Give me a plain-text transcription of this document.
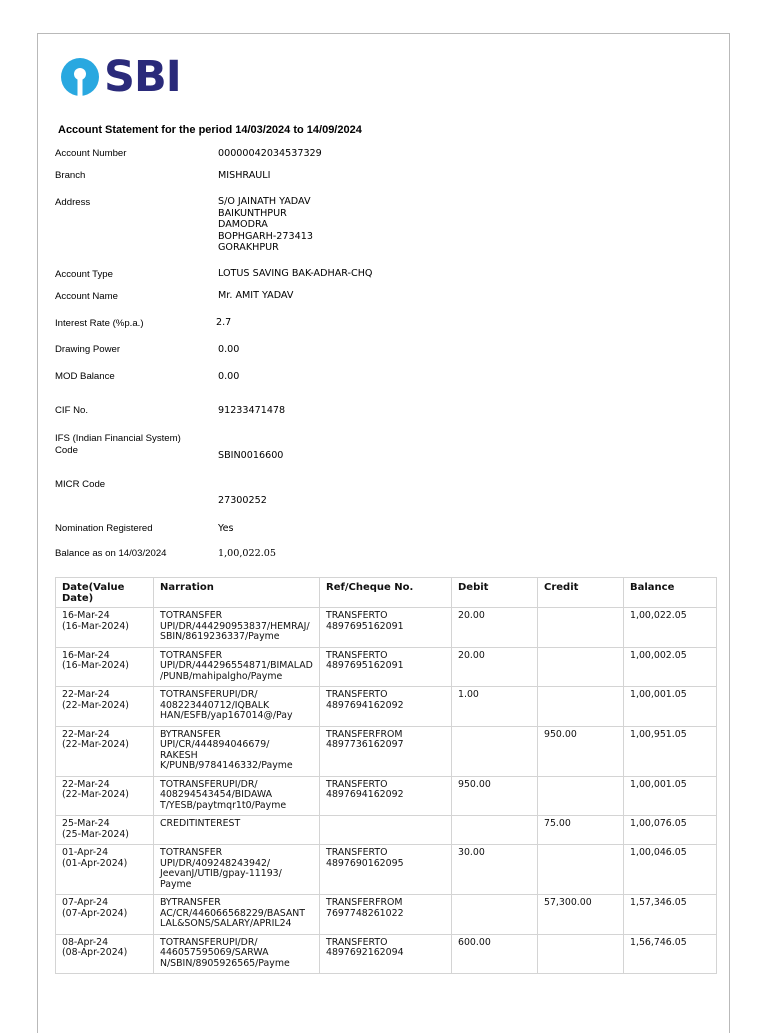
SBI
Account Statement for the period 14/03/2024 to 14/09/2024
Account Number	00000042034537329
Branch	MISHRAULI
Address	S/O JAINATH YADAV
BAIKUNTHPUR
DAMODRA
BOPHGARH-273413
GORAKHPUR
Account Type	LOTUS SAVING BAK-ADHAR-CHQ
Account Name	Mr. AMIT YADAV
Interest Rate (%p.a.)	2.7
Drawing Power	0.00
MOD Balance	0.00
CIF No.	91233471478
IFS (Indian Financial System)
Code	SBIN0016600
MICR Code
27300252
Nomination Registered	Yes
Balance as on 14/03/2024	1,00,022.05
Date(Value Date)	Narration	Ref/Cheque No.	Debit	Credit	Balance
16-Mar-24
(16-Mar-2024)	TOTRANSFER UPI/DR/444290953837/HEMRAJ/SBIN/8619236337/Payme	TRANSFERTO 4897695162091	20.00		1,00,022.05
16-Mar-24
(16-Mar-2024)	TOTRANSFER UPI/DR/444296554871/BIMALAD/PUNB/mahipalgho/Payme	TRANSFERTO 4897695162091	20.00		1,00,002.05
22-Mar-24
(22-Mar-2024)	TOTRANSFERUPI/DR/
408223440712/IQBALK
HAN/ESFB/yap167014@/Pay	TRANSFERTO 4897694162092	1.00		1,00,001.05
22-Mar-24
(22-Mar-2024)	BYTRANSFER
UPI/CR/444894046679/
RAKESH
K/PUNB/9784146332/Payme	TRANSFERFROM 4897736162097		950.00	1,00,951.05
22-Mar-24
(22-Mar-2024)	TOTRANSFERUPI/DR/
408294543454/BIDAWA
T/YESB/paytmqr1t0/Payme	TRANSFERTO 4897694162092	950.00		1,00,001.05
25-Mar-24
(25-Mar-2024)	CREDITINTEREST			75.00	1,00,076.05
01-Apr-24
(01-Apr-2024)	TOTRANSFER
UPI/DR/409248243942/
JeevanJ/UTIB/gpay-11193/
Payme	TRANSFERTO 4897690162095	30.00		1,00,046.05
07-Apr-24
(07-Apr-2024)	BYTRANSFER
AC/CR/446066568229/BASANT
LAL&SONS/SALARY/APRIL24	TRANSFERFROM 7697748261022		57,300.00	1,57,346.05
08-Apr-24
(08-Apr-2024)	TOTRANSFERUPI/DR/
446057595069/SARWA
N/SBIN/8905926565/Payme	TRANSFERTO 4897692162094	600.00		1,56,746.05
